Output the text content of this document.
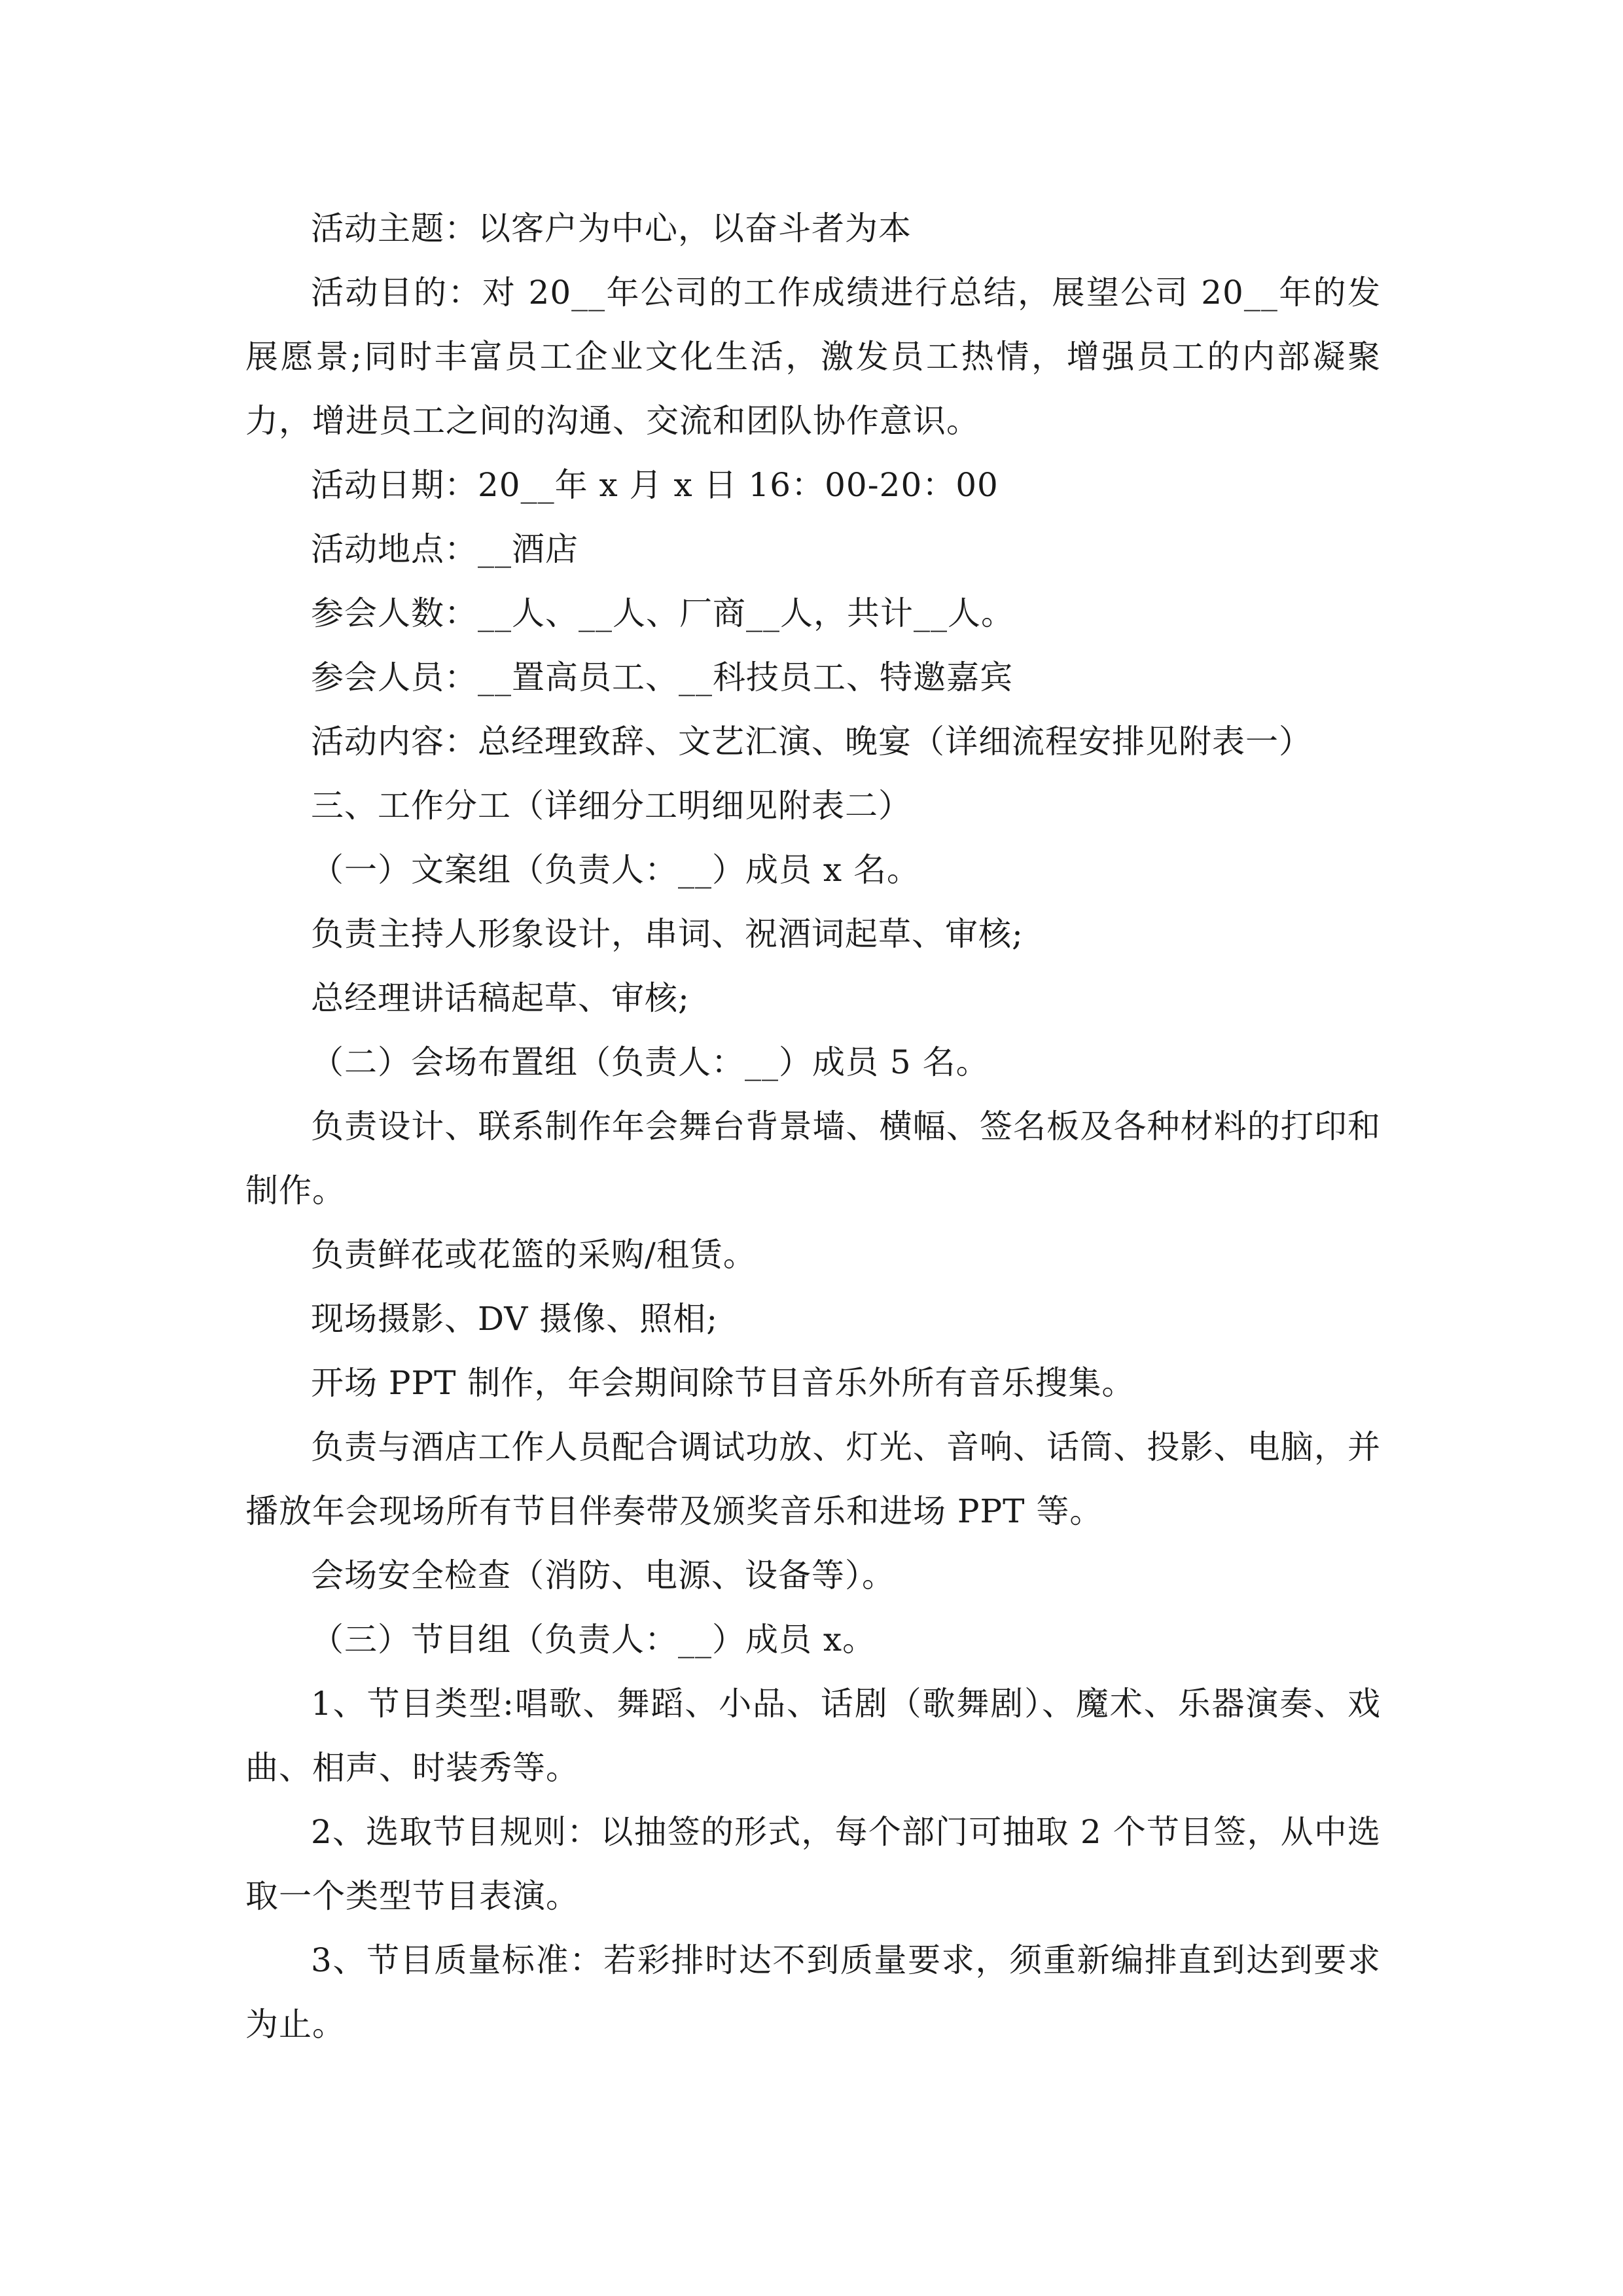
活动主题：以客户为中心，以奋斗者为本

活动目的：对 20__年公司的工作成绩进行总结，展望公司 20__年的发展愿景;同时丰富员工企业文化生活，激发员工热情，增强员工的内部凝聚力，增进员工之间的沟通、交流和团队协作意识。

活动日期：20__年 x 月 x 日 16：00-20：00

活动地点：__酒店

参会人数：__人、__人、厂商__人，共计__人。

参会人员：__置高员工、__科技员工、特邀嘉宾

活动内容：总经理致辞、文艺汇演、晚宴（详细流程安排见附表一）

三、工作分工（详细分工明细见附表二）

（一）文案组（负责人：__）成员 x 名。

负责主持人形象设计，串词、祝酒词起草、审核;

总经理讲话稿起草、审核;

（二）会场布置组（负责人：__）成员 5 名。

负责设计、联系制作年会舞台背景墙、横幅、签名板及各种材料的打印和制作。

负责鲜花或花篮的采购/租赁。

现场摄影、DV 摄像、照相;

开场 PPT 制作，年会期间除节目音乐外所有音乐搜集。

负责与酒店工作人员配合调试功放、灯光、音响、话筒、投影、电脑，并播放年会现场所有节目伴奏带及颁奖音乐和进场 PPT 等。

会场安全检查（消防、电源、设备等）。

（三）节目组（负责人：__）成员 x。

1、节目类型:唱歌、舞蹈、小品、话剧（歌舞剧）、魔术、乐器演奏、戏曲、相声、时装秀等。

2、选取节目规则：以抽签的形式，每个部门可抽取 2 个节目签，从中选取一个类型节目表演。

3、节目质量标准：若彩排时达不到质量要求，须重新编排直到达到要求为止。
